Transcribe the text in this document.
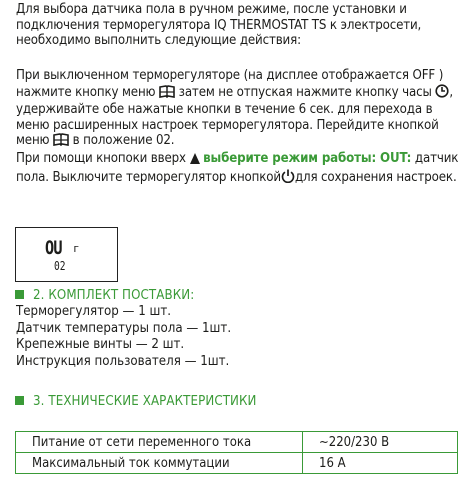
Для выбора датчика пола в ручном режиме, после установки и подключения терморегулятора IQ THERMOSTAT TS к электросети, необходимо выполнить следующие действия:
При выключенном терморегуляторе (на дисплее отображается OFF ) нажмите кнопку меню затем не отпуская нажмите кнопку часы , удерживайте обе нажатые кнопки в течение 6 сек. для перехода в меню расширенных настроек терморегулятора. Перейдите кнопкой меню в положение 02.
При помощи кнопоки вверх выберите режим работы: OUT: датчик пола. Выключите терморегулятор кнопкой для сохранения настроек.
OU г
02
2. КОМПЛЕКТ ПОСТАВКИ:
Терморегулятор — 1 шт.
Датчик температуры пола — 1шт.
Крепежные винты — 2 шт.
Инструкция пользователя — 1шт.
3. ТЕХНИЧЕСКИЕ ХАРАКТЕРИСТИКИ
Питание от сети переменного тока	~220/230 В
Максимальный ток коммутации	16 А
